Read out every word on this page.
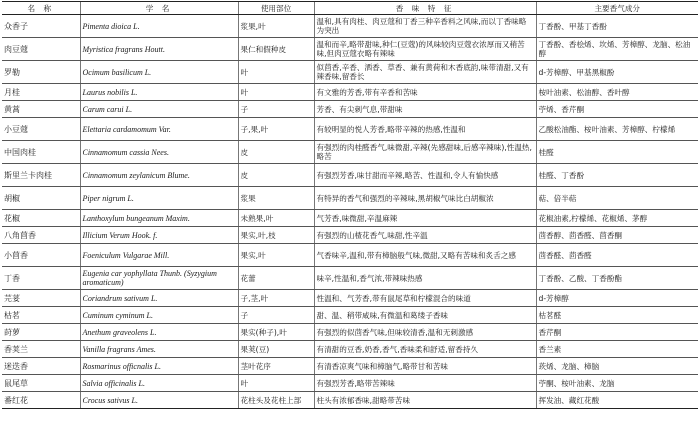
名 称	学 名	使用部位	香 味 特 征	主要香气成分
众香子	Pimenta dioica L.	浆果,叶	温和,具有肉桂、肉豆蔻和丁香三种辛香料之风味,而以丁香味略为突出	丁香酚、甲基丁香酚
肉豆蔻	Myristica fragrans Houtt.	果仁和假种皮	温和而辛,略带甜味,种仁(豆蔻)的风味较肉豆蔻衣浓厚而又稍苦味,但肉豆蔻衣略有辣味	丁香酚、香桧烯、坎烯、芳樟醇、龙脑、松油醇
罗勒	Ocimum basilicum L.	叶	似茴香,辛香、洒香、草香、兼有黄荷和木香底韵,味带清甜,又有辣香味,留香长	d-芳樟醇、甲基黑椒酚
月桂	Laurus nobilis L.	叶	有文雅的芳香,带有辛香和苦味	桉叶油素、松油醇、香叶醇
黄蒿	Carum carui L.	子	芳香、有尖刺气息,带甜味	苧烯、香芹酮
小豆蔻	Elettaria cardamomum Var.	子,果,叶	有较明显的悦人芳香,略带辛辣的热感,性温和	乙酸松油酯、桉叶油素、芳樟醇、柠檬烯
中国肉桂	Cinnamomum cassia Nees.	皮	有强烈的肉桂醛香气,味微甜,辛辣(先感甜味,后感辛辣味),性温热,略苦	桂醛
斯里兰卡肉桂	Cinnamomum zeylanicum Blume.	皮	有强烈芳香,味甘甜而辛辣,略苦、性温和,令人有愉快感	桂醛、丁香酚
胡椒	Piper nigrum L.	浆果	有特异的香气和强烈的辛辣味,黑胡椒气味比白胡椒浓	萜、倍半萜
花椒	Lanthoxylum bungeanum Maxim.	未熟果,叶	气芳香,味微甜,辛温麻辣	花椒油素,柠檬烯、花椒烯、茅醇
八角茴香	Illicium Verum Hook. f.	果实,叶,枝	有强烈的山楂花香气,味甜,性辛温	茴香醇、茴香醛、茴香酮
小茴香	Foeniculum Vulgarae Mill.	果实,叶	气香味辛,温和,带有樟脑般气味,微甜,又略有苦味和炙舌之感	茴香醛、茴香醛
丁香	Eugenia car yophyllata Thunb. (Syzygium aromaticum)	花蕾	味辛,性温和,香气浓,带辣味热感	丁香酚、乙酸、丁香酚酯
芫荽	Coriandrum sativum L.	子,茎,叶	性温和、气芳香,带有鼠尾草和柠檬混合的味道	d-芳樟醇
枯茗	Cuminum cyminum L.	子	甜、温、稍带咸味,有微温和葛缕子香味	枯茗醛
莳萝	Anethum graveolens L.	果实(种子),叶	有强烈的似茴香气味,但味较清香,温和无刺激感	香芹酮
香荚兰	Vanilla fragrans Ames.	果荚(豆)	有清甜的豆香,奶香,香气,香味柔和舒适,留香持久	香兰素
迷迭香	Rosmarinus officnalis L.	茎叶花序	有清香凉爽气味和樟脑气,略带甘和苦味	莰烯、龙脑、樟脑
鼠尾草	Salvia officinalis L.	叶	有强烈芳香,略带苦辣味	苧酮、桉叶油素、龙脑
番红花	Crocus sativus L.	花柱头及花柱上部	柱头有浓郁香味,甜略带苦味	挥发油、藏红花酸
